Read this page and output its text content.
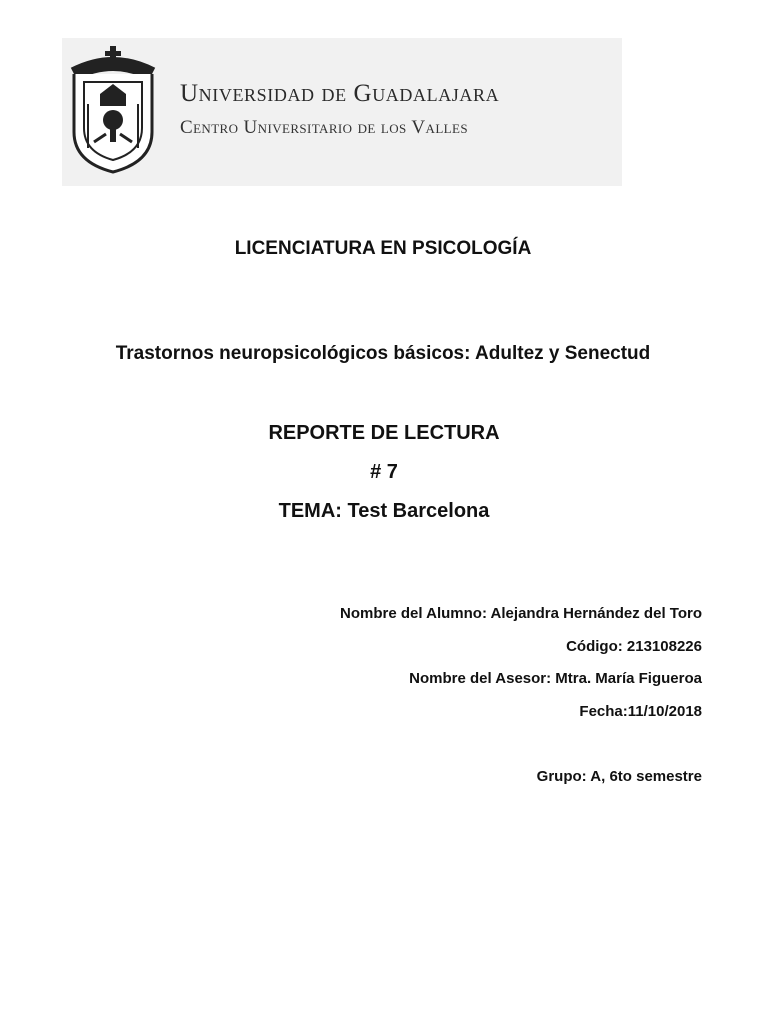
Universidad de Guadalajara
Centro Universitario de los Valles
LICENCIATURA EN PSICOLOGÍA
Trastornos neuropsicológicos básicos: Adultez y Senectud
REPORTE DE LECTURA
# 7
TEMA: Test Barcelona
Nombre del Alumno: Alejandra Hernández del Toro
Código: 213108226
Nombre del Asesor: Mtra. María Figueroa
Fecha:11/10/2018
Grupo: A, 6to semestre
